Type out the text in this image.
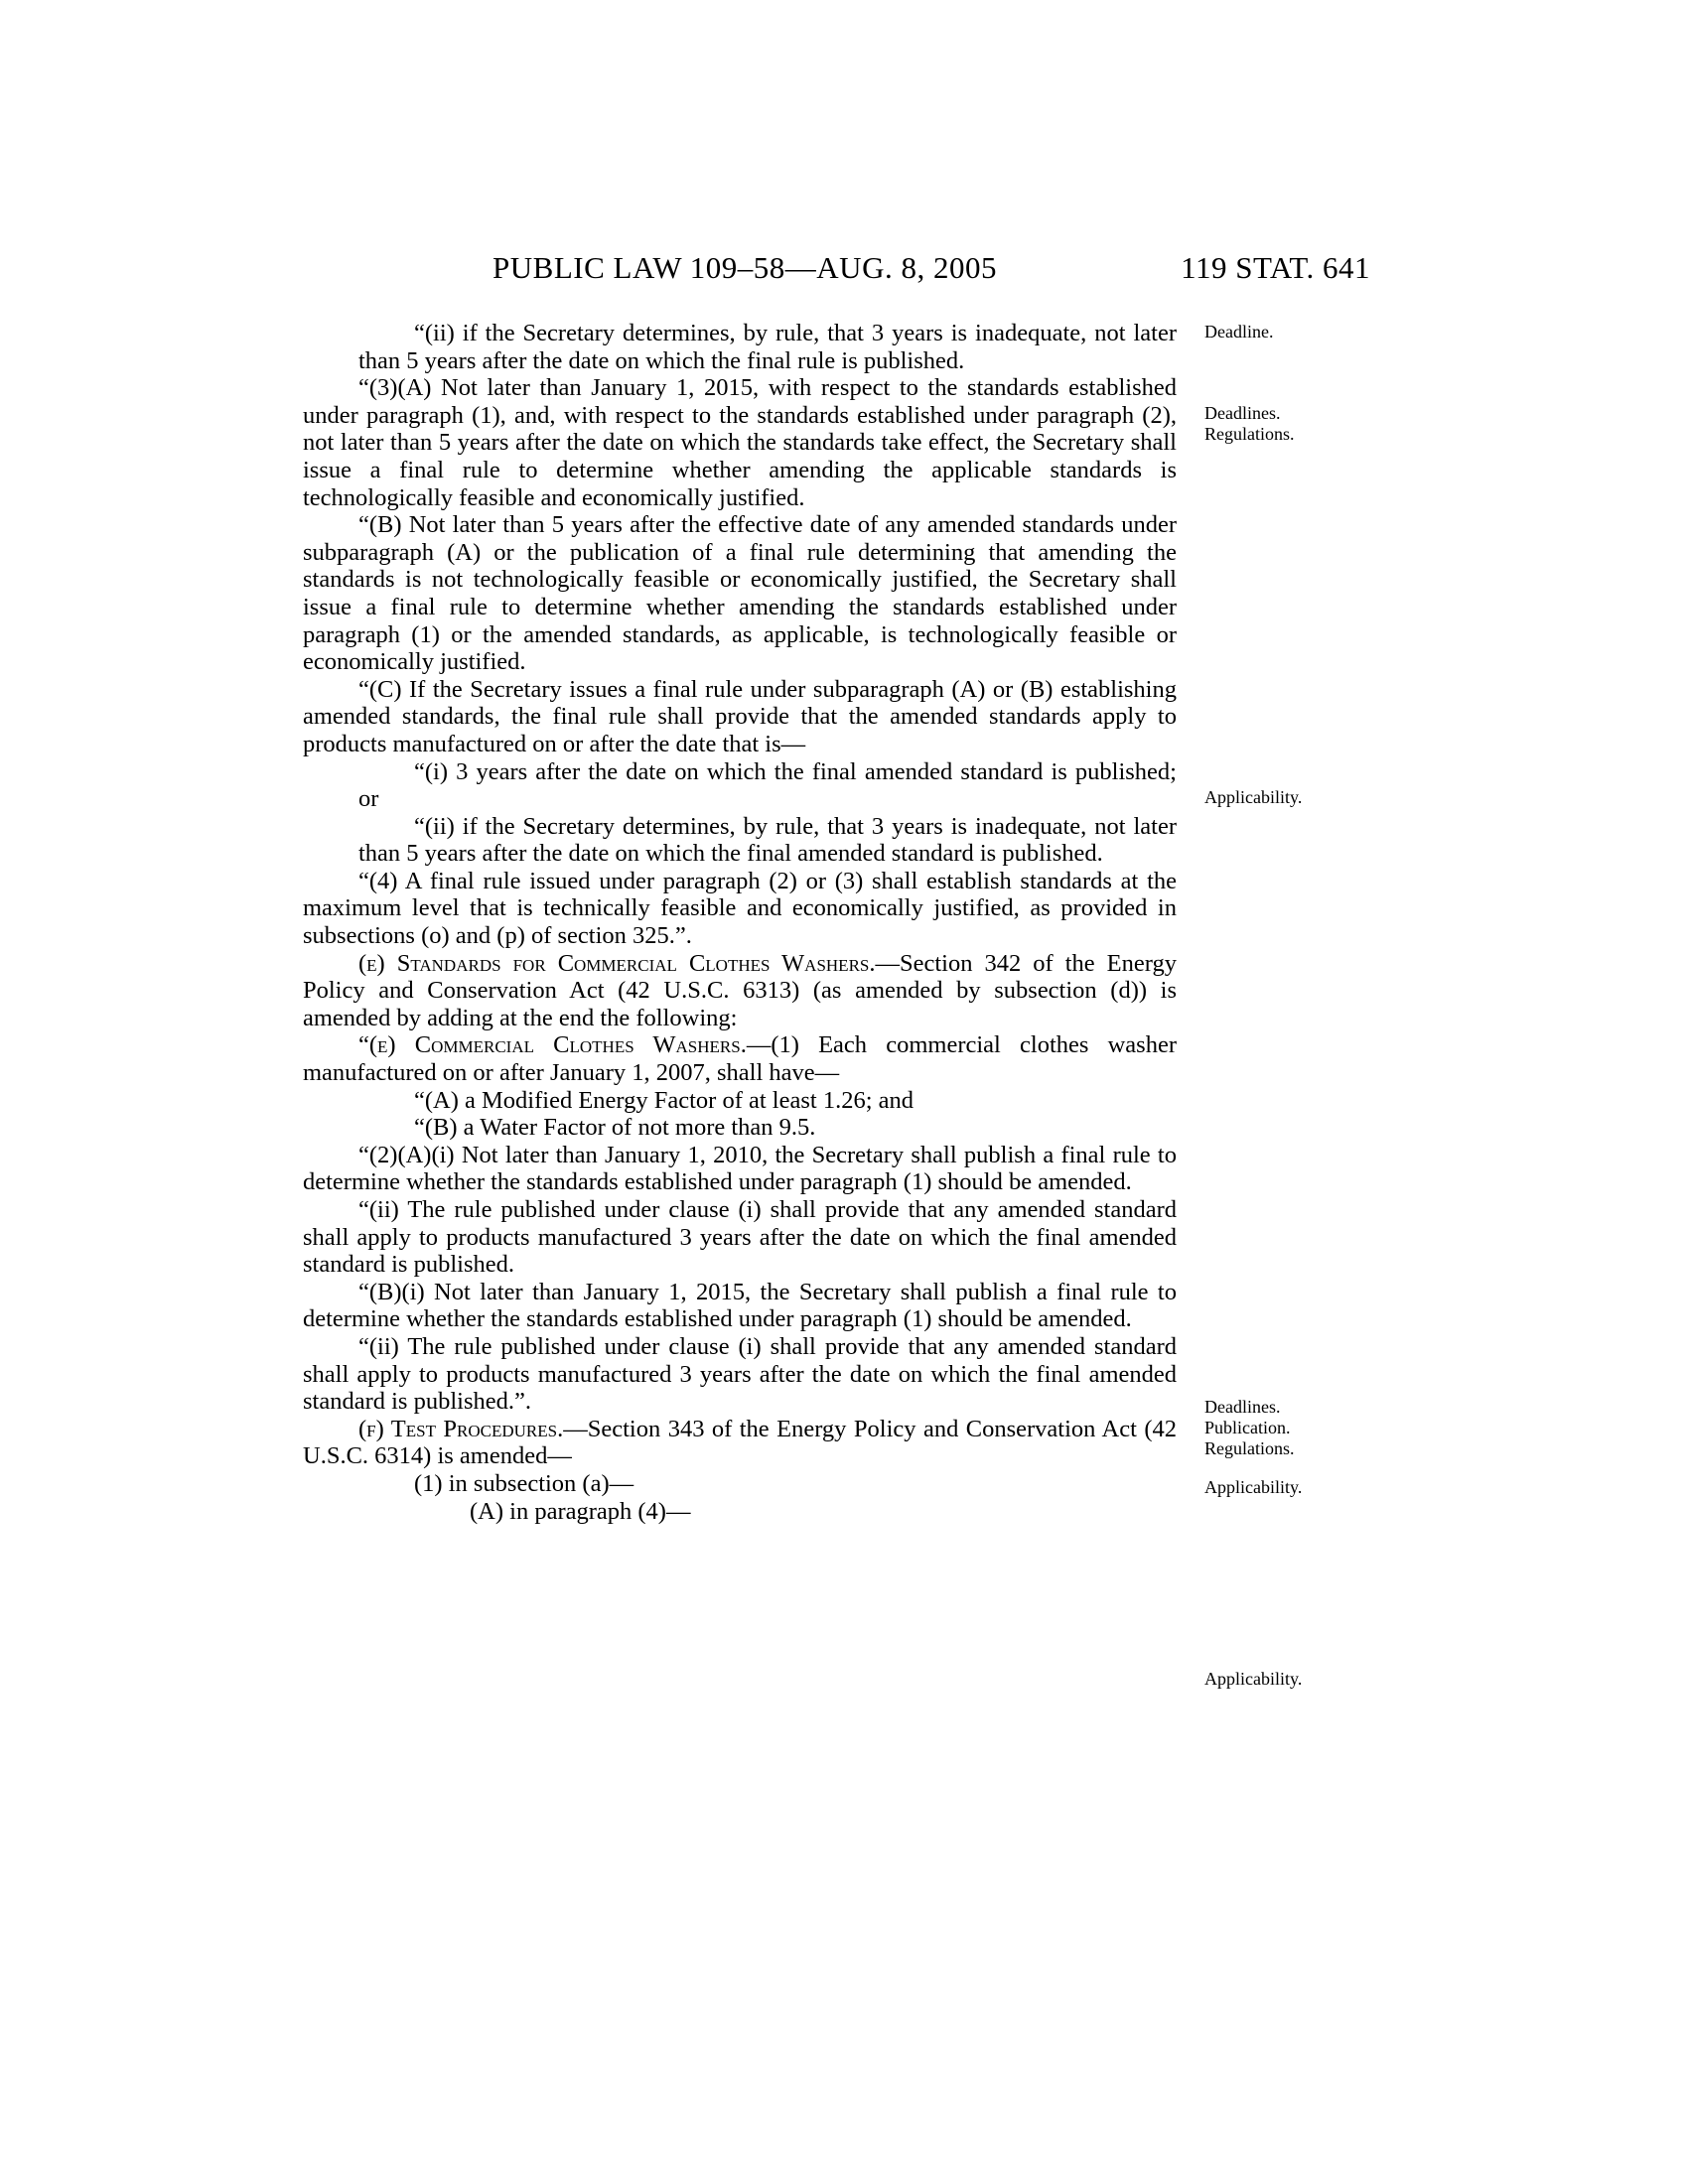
PUBLIC LAW 109–58—AUG. 8, 2005	119 STAT. 641

“(ii) if the Secretary determines, by rule, that 3 years is inadequate, not later than 5 years after the date on which the final rule is published.

“(3)(A) Not later than January 1, 2015, with respect to the standards established under paragraph (1), and, with respect to the standards established under paragraph (2), not later than 5 years after the date on which the standards take effect, the Secretary shall issue a final rule to determine whether amending the applicable standards is technologically feasible and economically justified.

“(B) Not later than 5 years after the effective date of any amended standards under subparagraph (A) or the publication of a final rule determining that amending the standards is not technologically feasible or economically justified, the Secretary shall issue a final rule to determine whether amending the standards established under paragraph (1) or the amended standards, as applicable, is technologically feasible or economically justified.

“(C) If the Secretary issues a final rule under subparagraph (A) or (B) establishing amended standards, the final rule shall provide that the amended standards apply to products manufactured on or after the date that is—

“(i) 3 years after the date on which the final amended standard is published; or

“(ii) if the Secretary determines, by rule, that 3 years is inadequate, not later than 5 years after the date on which the final amended standard is published.

“(4) A final rule issued under paragraph (2) or (3) shall establish standards at the maximum level that is technically feasible and economically justified, as provided in subsections (o) and (p) of section 325.”.

(e) Standards for Commercial Clothes Washers.—Section 342 of the Energy Policy and Conservation Act (42 U.S.C. 6313) (as amended by subsection (d)) is amended by adding at the end the following:

“(e) Commercial Clothes Washers.—(1) Each commercial clothes washer manufactured on or after January 1, 2007, shall have—

“(A) a Modified Energy Factor of at least 1.26; and

“(B) a Water Factor of not more than 9.5.

“(2)(A)(i) Not later than January 1, 2010, the Secretary shall publish a final rule to determine whether the standards established under paragraph (1) should be amended.

“(ii) The rule published under clause (i) shall provide that any amended standard shall apply to products manufactured 3 years after the date on which the final amended standard is published.

“(B)(i) Not later than January 1, 2015, the Secretary shall publish a final rule to determine whether the standards established under paragraph (1) should be amended.

“(ii) The rule published under clause (i) shall provide that any amended standard shall apply to products manufactured 3 years after the date on which the final amended standard is published.”.

(f) Test Procedures.—Section 343 of the Energy Policy and Conservation Act (42 U.S.C. 6314) is amended—

(1) in subsection (a)—

(A) in paragraph (4)—

Deadline.
Deadlines.
Regulations.
Applicability.
Deadlines.
Publication.
Regulations.
Applicability.
Applicability.
